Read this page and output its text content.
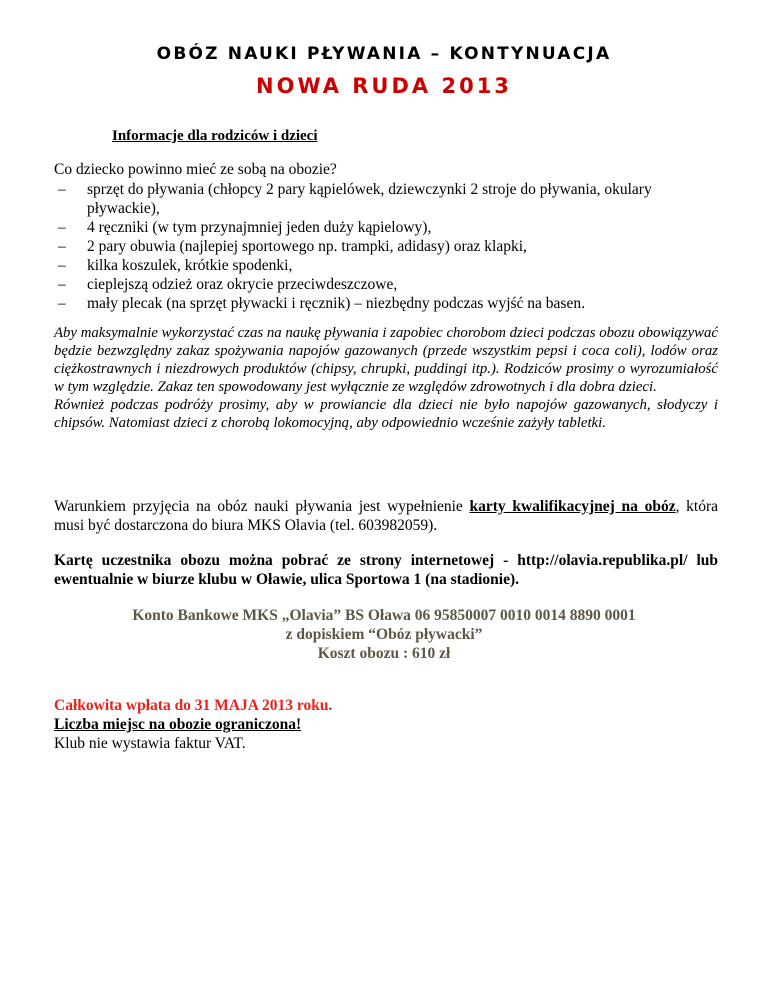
OBÓZ NAUKI PŁYWANIA – KONTYNUACJA
NOWA RUDA 2013
Informacje dla rodziców i dzieci
Co dziecko powinno mieć ze sobą na obozie?
– sprzęt do pływania (chłopcy 2 pary kąpielówek, dziewczynki 2 stroje do pływania, okulary pływackie),
– 4 ręczniki (w tym przynajmniej jeden duży kąpielowy),
– 2 pary obuwia (najlepiej sportowego np. trampki, adidasy) oraz klapki,
– kilka koszulek, krótkie spodenki,
– cieplejszą odzież oraz okrycie przeciwdeszczowe,
– mały plecak (na sprzęt pływacki i ręcznik) – niezbędny podczas wyjść na basen.

Aby maksymalnie wykorzystać czas na naukę pływania i zapobiec chorobom dzieci podczas obozu obowiązywać będzie bezwzględny zakaz spożywania napojów gazowanych (przede wszystkim pepsi i coca coli), lodów oraz ciężkostrawnych i niezdrowych produktów (chipsy, chrupki, puddingi itp.). Rodziców prosimy o wyrozumiałość w tym względzie. Zakaz ten spowodowany jest wyłącznie ze względów zdrowotnych i dla dobra dzieci.

Również podczas podróży prosimy, aby w prowiancie dla dzieci nie było napojów gazowanych, słodyczy i chipsów. Natomiast dzieci z chorobą lokomocyjną, aby odpowiednio wcześnie zażyły tabletki.

Warunkiem przyjęcia na obóz nauki pływania jest wypełnienie karty kwalifikacyjnej na obóz, która musi być dostarczona do biura MKS Olavia (tel. 603982059).
Kartę uczestnika obozu można pobrać ze strony internetowej - http://olavia.republika.pl/ lub ewentualnie w biurze klubu w Oławie, ulica Sportowa 1 (na stadionie).
Konto Bankowe MKS „Olavia” BS Oława 06 95850007 0010 0014 8890 0001
z dopiskiem “Obóz pływacki”
Koszt obozu : 610 zł
Całkowita wpłata do 31 MAJA 2013 roku.
Liczba miejsc na obozie ograniczona!
Klub nie wystawia faktur VAT.
